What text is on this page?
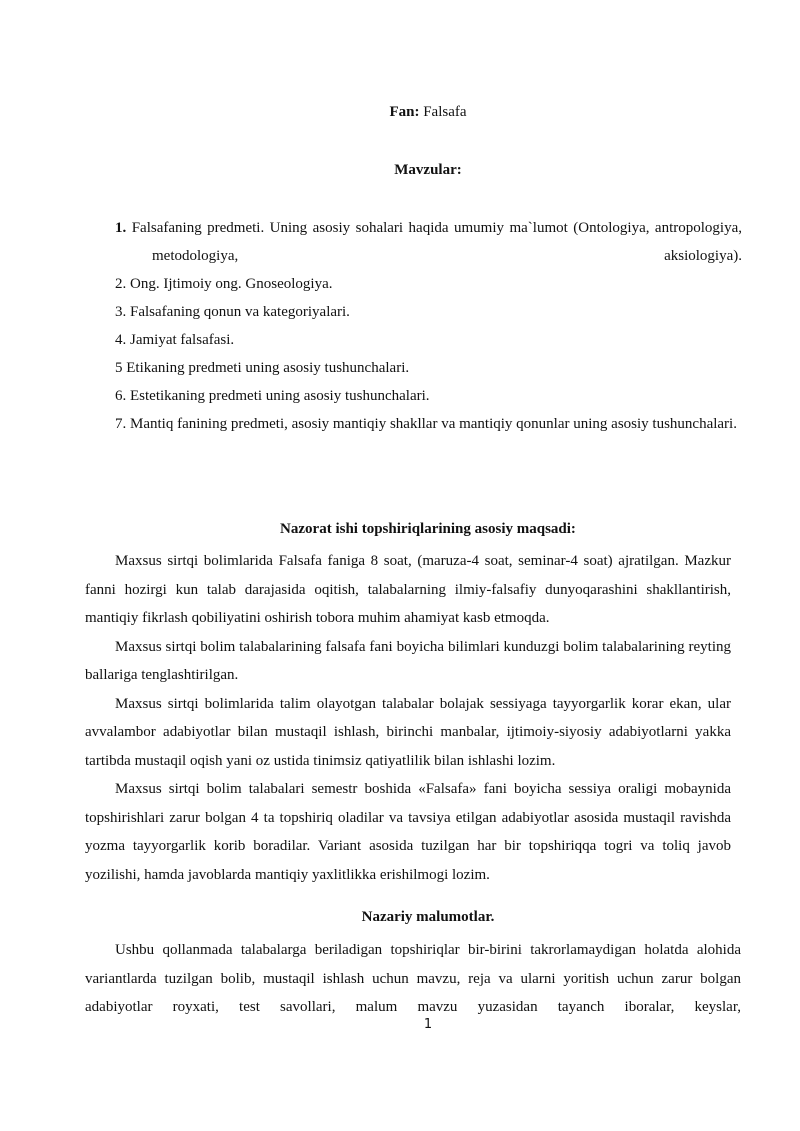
Fan: Falsafa
Mavzular:

1. Falsafaning predmeti. Uning asosiy sohalari haqida umumiy ma`lumot (Ontologiya, antropologiya, metodologiya, aksiologiya).

2. Ong. Ijtimoiy ong. Gnoseologiya.

3. Falsafaning qonun va kategoriyalari.

4. Jamiyat falsafasi.

5 Etikaning predmeti uning asosiy tushunchalari.

6. Estetikaning predmeti uning asosiy tushunchalari.

7. Mantiq fanining predmeti, asosiy mantiqiy shakllar va mantiqiy qonunlar uning asosiy tushunchalari.

Nazorat ishi topshiriqlarining asosiy maqsadi:

Maxsus sirtqi bolimlarida Falsafa faniga 8 soat, (maruza-4 soat, seminar-4 soat) ajratilgan. Mazkur fanni hozirgi kun talab darajasida oqitish, talabalarning ilmiy-falsafiy dunyoqarashini shakllantirish, mantiqiy fikrlash qobiliyatini oshirish tobora muhim ahamiyat kasb etmoqda.

Maxsus sirtqi bolim talabalarining falsafa fani boyicha bilimlari kunduzgi bolim talabalarining reyting ballariga tenglashtirilgan.

Maxsus sirtqi bolimlarida talim olayotgan talabalar bolajak sessiyaga tayyorgarlik korar ekan, ular avvalambor adabiyotlar bilan mustaqil ishlash, birinchi manbalar, ijtimoiy-siyosiy adabiyotlarni yakka tartibda mustaqil oqish yani oz ustida tinimsiz qatiyatlilik bilan ishlashi lozim.

Maxsus sirtqi bolim talabalari semestr boshida «Falsafa» fani boyicha sessiya oraligi mobaynida topshirishlari zarur bolgan 4 ta topshiriq oladilar va tavsiya etilgan adabiyotlar asosida mustaqil ravishda yozma tayyorgarlik korib boradilar. Variant asosida tuzilgan har bir topshiriqqa togri va toliq javob yozilishi, hamda javoblarda mantiqiy yaxlitlikka erishilmogi lozim.

Nazariy malumotlar.

Ushbu qollanmada talabalarga beriladigan topshiriqlar bir-birini takrorlamaydigan holatda alohida variantlarda tuzilgan bolib, mustaqil ishlash uchun mavzu, reja va ularni yoritish uchun zarur bolgan adabiyotlar royxati, test savollari, malum mavzu yuzasidan tayanch iboralar, keyslar,

1
